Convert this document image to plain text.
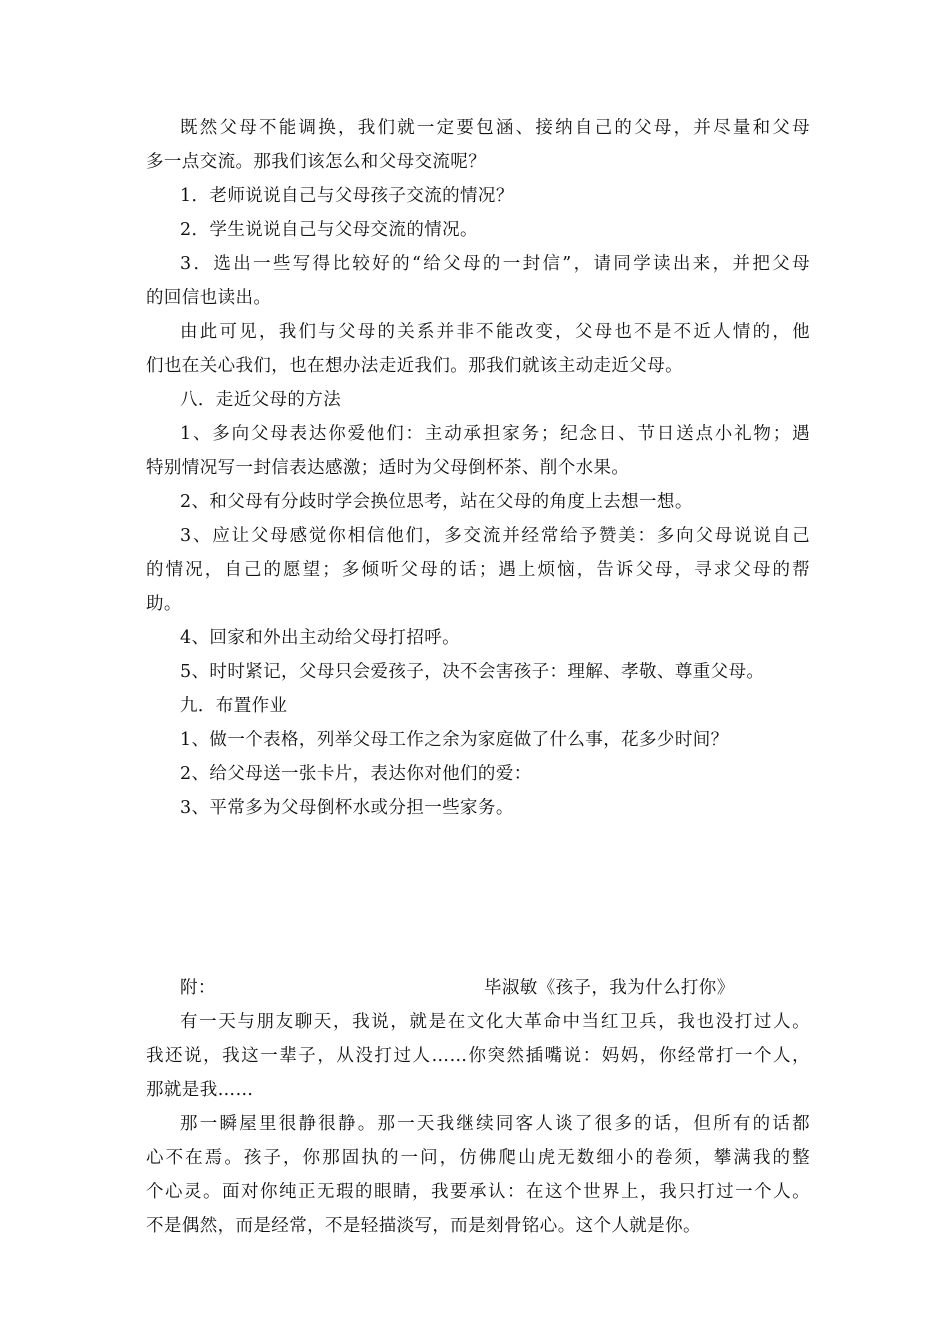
既然父母不能调换，我们就一定要包涵、接纳自己的父母，并尽量和父母
多一点交流。那我们该怎么和父母交流呢？
1．老师说说自己与父母孩子交流的情况？
2．学生说说自己与父母交流的情况。
3．选出一些写得比较好的“给父母的一封信”，请同学读出来，并把父母
的回信也读出。
由此可见，我们与父母的关系并非不能改变，父母也不是不近人情的，他
们也在关心我们，也在想办法走近我们。那我们就该主动走近父母。
八．走近父母的方法
1、多向父母表达你爱他们：主动承担家务；纪念日、节日送点小礼物；遇
特别情况写一封信表达感激；适时为父母倒杯茶、削个水果。
2、和父母有分歧时学会换位思考，站在父母的角度上去想一想。
3、应让父母感觉你相信他们，多交流并经常给予赞美：多向父母说说自己
的情况，自己的愿望；多倾听父母的话；遇上烦恼，告诉父母，寻求父母的帮
助。
4、回家和外出主动给父母打招呼。
5、时时紧记，父母只会爱孩子，决不会害孩子：理解、孝敬、尊重父母。
九．布置作业
1、做一个表格，列举父母工作之余为家庭做了什么事，花多少时间？
2、给父母送一张卡片，表达你对他们的爱：
3、平常多为父母倒杯水或分担一些家务。
附：	毕淑敏《孩子，我为什么打你》
有一天与朋友聊天，我说，就是在文化大革命中当红卫兵，我也没打过人。
我还说，我这一辈子，从没打过人……你突然插嘴说：妈妈，你经常打一个人，
那就是我……
那一瞬屋里很静很静。那一天我继续同客人谈了很多的话，但所有的话都
心不在焉。孩子，你那固执的一问，仿佛爬山虎无数细小的卷须，攀满我的整
个心灵。面对你纯正无瑕的眼睛，我要承认：在这个世界上，我只打过一个人。
不是偶然，而是经常，不是轻描淡写，而是刻骨铭心。这个人就是你。
